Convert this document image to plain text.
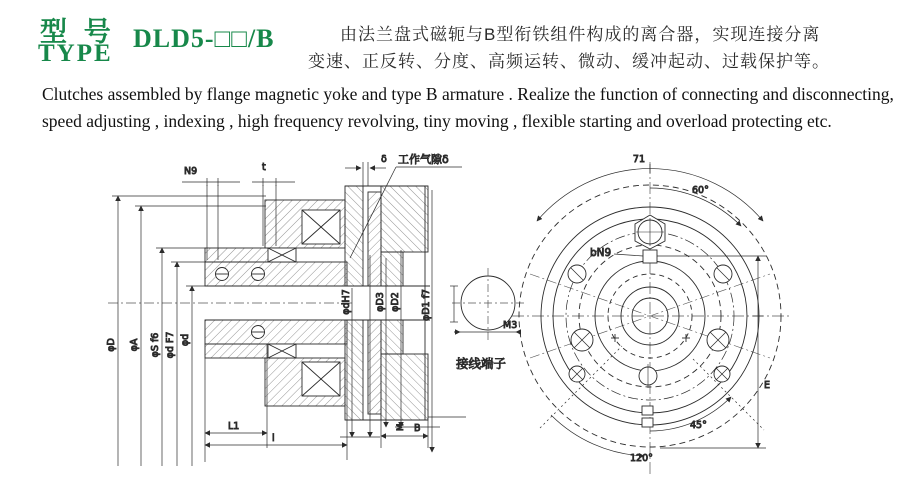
型 号
TYPE
DLD5-□□/B	由法兰盘式磁轭与B型衔铁组件构成的离合器，实现连接分离
变速、正反转、分度、高频运转、微动、缓冲起动、过载保护等。
Clutches assembled by flange magnetic yoke and type B armature . Realize the function of connecting and disconnecting,
speed adjusting , indexing , high frequency revolving, tiny moving , flexible starting and overload protecting etc.
φD φA φS f6 φd F7 φd
φdH7 φD3 φD2 φD1 f7
N9	t
δ 工作气隙δ
L1
l
M B
M3
接线端子
71
60°
45°
120°
bN9
E
